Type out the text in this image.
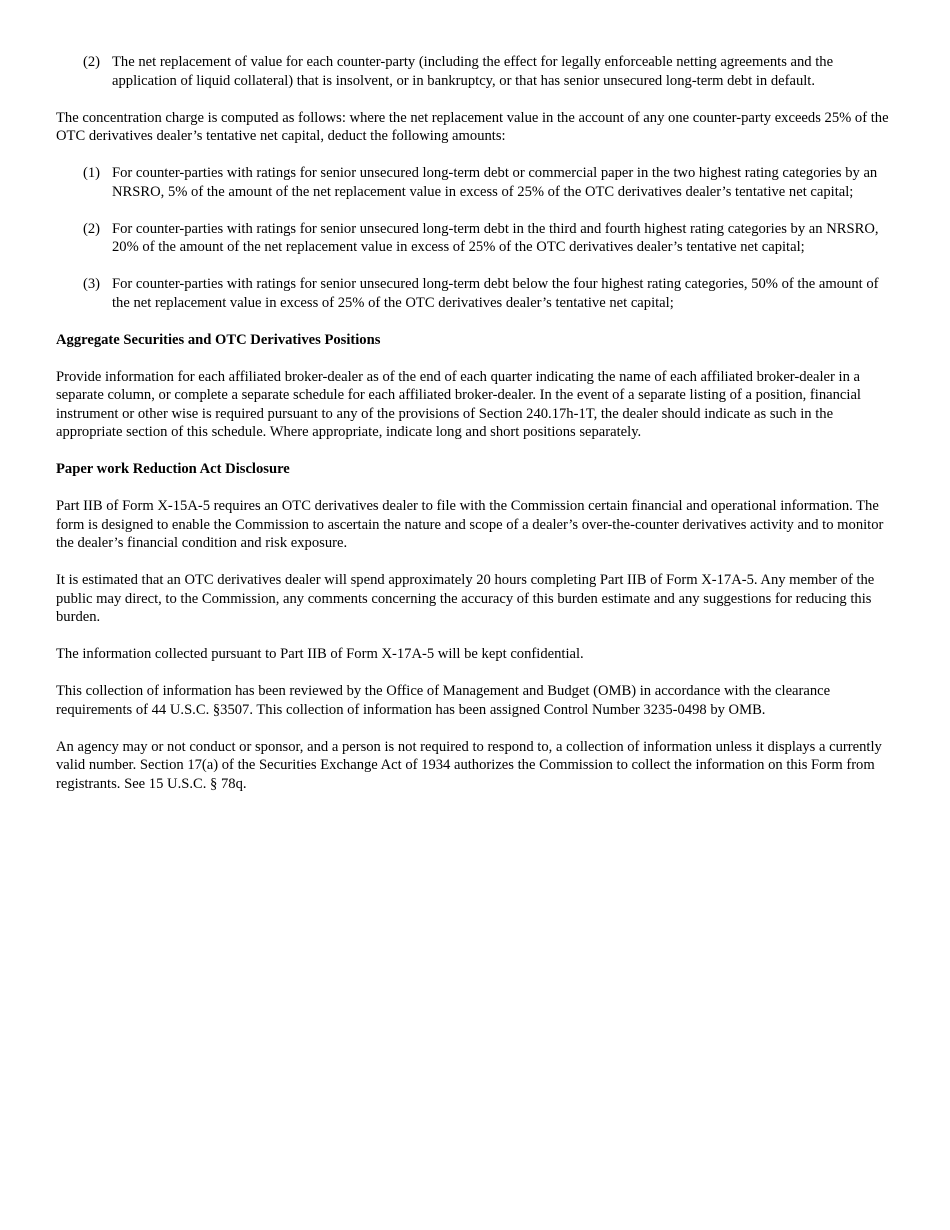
(2) The net replacement of value for each counter-party (including the effect for legally enforceable netting agreements and the application of liquid collateral) that is insolvent, or in bankruptcy, or that has senior unsecured long-term debt in default.

The concentration charge is computed as follows: where the net replacement value in the account of any one counter-party exceeds 25% of the OTC derivatives dealer’s tentative net capital, deduct the following amounts:

(1) For counter-parties with ratings for senior unsecured long-term debt or commercial paper in the two highest rating categories by an NRSRO, 5% of the amount of the net replacement value in excess of 25% of the OTC derivatives dealer’s tentative net capital;
(2) For counter-parties with ratings for senior unsecured long-term debt in the third and fourth highest rating categories by an NRSRO, 20% of the amount of the net replacement value in excess of 25% of the OTC derivatives dealer’s tentative net capital;
(3) For counter-parties with ratings for senior unsecured long-term debt below the four highest rating categories, 50% of the amount of the net replacement value in excess of 25% of the OTC derivatives dealer’s tentative net capital;
Aggregate Securities and OTC Derivatives Positions

Provide information for each affiliated broker-dealer as of the end of each quarter indicating the name of each affiliated broker-dealer in a separate column, or complete a separate schedule for each affiliated broker-dealer. In the event of a separate listing of a position, financial instrument or other wise is required pursuant to any of the provisions of Section 240.17h-1T, the dealer should indicate as such in the appropriate section of this schedule. Where appropriate, indicate long and short positions separately.

Paper work Reduction Act Disclosure

Part IIB of Form X-15A-5 requires an OTC derivatives dealer to file with the Commission certain financial and operational information. The form is designed to enable the Commission to ascertain the nature and scope of a dealer’s over-the-counter derivatives activity and to monitor the dealer’s financial condition and risk exposure.

It is estimated that an OTC derivatives dealer will spend approximately 20 hours completing Part IIB of Form X-17A-5. Any member of the public may direct, to the Commission, any comments concerning the accuracy of this burden estimate and any suggestions for reducing this burden.

The information collected pursuant to Part IIB of Form X-17A-5 will be kept confidential.

This collection of information has been reviewed by the Office of Management and Budget (OMB) in accordance with the clearance requirements of 44 U.S.C. §3507. This collection of information has been assigned Control Number 3235-0498 by OMB.

An agency may or not conduct or sponsor, and a person is not required to respond to, a collection of information unless it displays a currently valid number. Section 17(a) of the Securities Exchange Act of 1934 authorizes the Commission to collect the information on this Form from registrants. See 15 U.S.C. § 78q.
